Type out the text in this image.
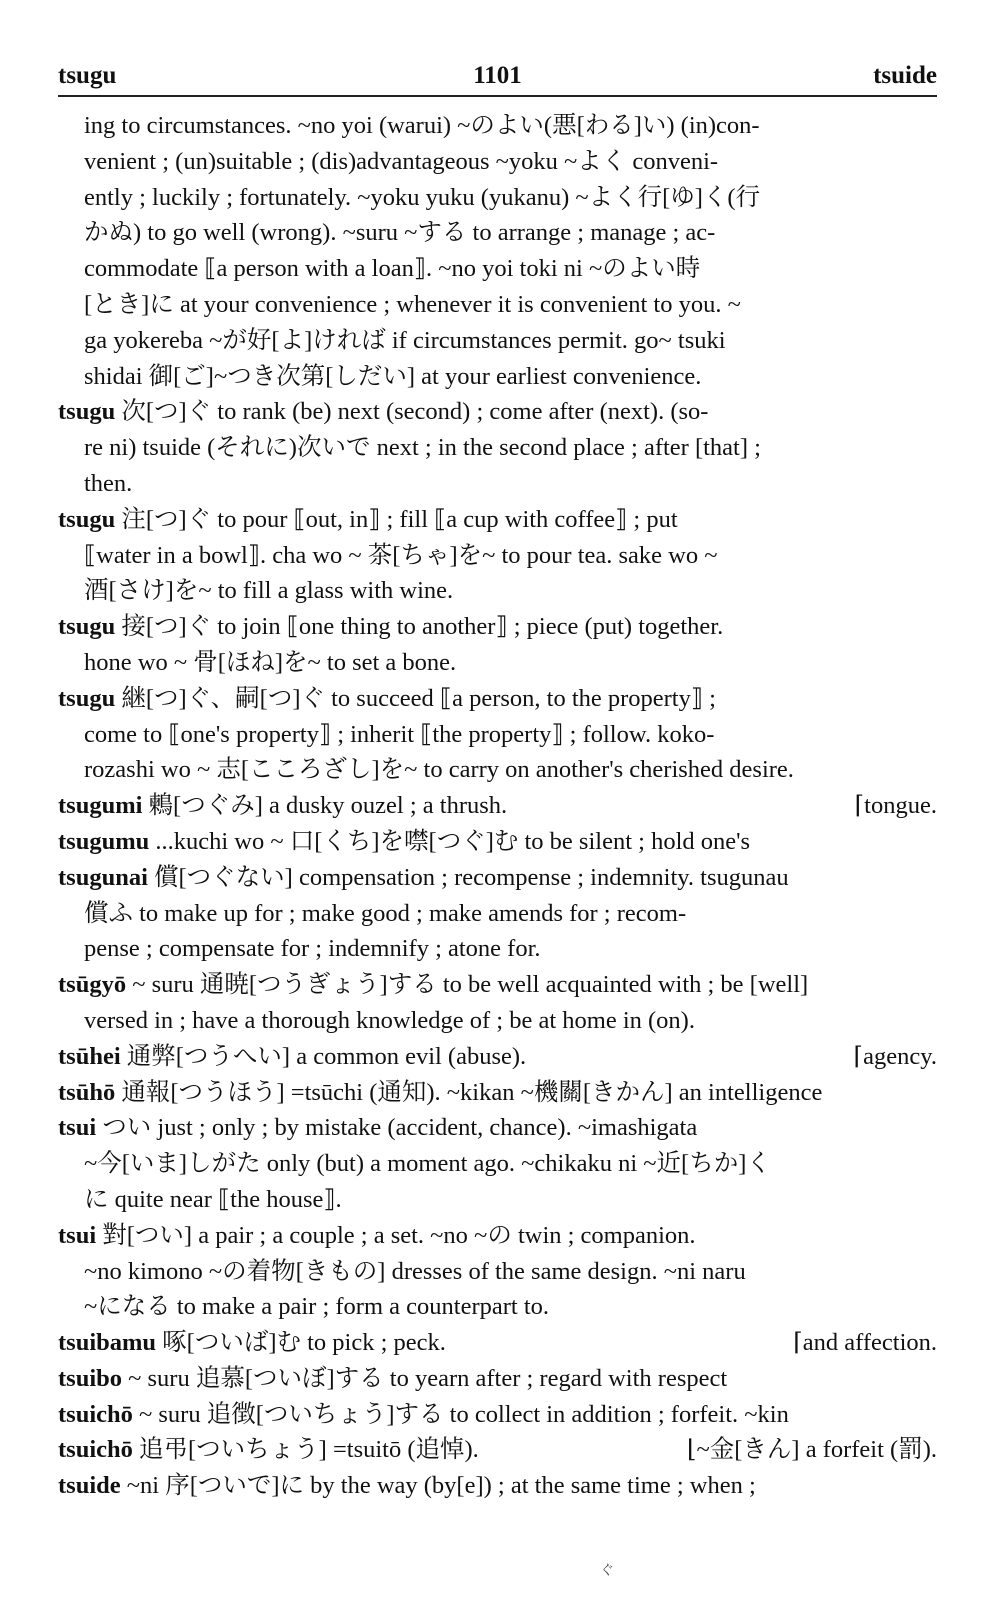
tsugu	1101	tsuide
ing to circumstances. ~no yoi (warui) ~のよい(悪[わる]い) (in)con-
venient ; (un)suitable ; (dis)advantageous ~yoku ~よく conveni-
ently ; luckily ; fortunately. ~yoku yuku (yukanu) ~よく行[ゆ]く(行
かぬ) to go well (wrong). ~suru ~する to arrange ; manage ; ac-
commodate ⟦a person with a loan⟧. ~no yoi toki ni ~のよい時
[とき]に at your convenience ; whenever it is convenient to you. ~
ga yokereba ~が好[よ]ければ if circumstances permit. go~ tsuki
shidai 御[ご]~つき次第[しだい] at your earliest convenience.
tsugu 次[つ]ぐ to rank (be) next (second) ; come after (next). (so-
re ni) tsuide (それに)次いで next ; in the second place ; after [that] ;
then.
tsugu 注[つ]ぐ to pour ⟦out, in⟧ ; fill ⟦a cup with coffee⟧ ; put
⟦water in a bowl⟧. cha wo ~ 茶[ちゃ]を~ to pour tea. sake wo ~
酒[さけ]を~ to fill a glass with wine.
tsugu 接[つ]ぐ to join ⟦one thing to another⟧ ; piece (put) together.
hone wo ~ 骨[ほね]を~ to set a bone.
tsugu 継[つ]ぐ、嗣[つ]ぐ to succeed ⟦a person, to the property⟧ ;
come to ⟦one's property⟧ ; inherit ⟦the property⟧ ; follow. koko-
rozashi wo ~ 志[こころざし]を~ to carry on another's cherished desire.
tsugumi 鶫[つぐみ] a dusky ouzel ; a thrush.	⌈tongue.
tsugumu ...kuchi wo ~ 口[くち]を噤[つぐ]む to be silent ; hold one's
tsugunai 償[つぐない] compensation ; recompense ; indemnity. tsugunau
償ふ to make up for ; make good ; make amends for ; recom-
pense ; compensate for ; indemnify ; atone for.
tsūgyō ~ suru 通暁[つうぎょう]する to be well acquainted with ; be [well]
versed in ; have a thorough knowledge of ; be at home in (on).
tsūhei 通弊[つうへい] a common evil (abuse).	⌈agency.
tsūhō 通報[つうほう] =tsūchi (通知). ~kikan ~機關[きかん] an intelligence
tsui つい just ; only ; by mistake (accident, chance). ~imashigata
~今[いま]しがた only (but) a moment ago. ~chikaku ni ~近[ちか]く
に quite near ⟦the house⟧.
tsui 對[つい] a pair ; a couple ; a set. ~no ~の twin ; companion.
~no kimono ~の着物[きもの] dresses of the same design. ~ni naru
~になる to make a pair ; form a counterpart to.
tsuibamu 啄[ついば]む to pick ; peck.	⌈and affection.
tsuibo ~ suru 追慕[ついぼ]する to yearn after ; regard with respect
tsuichō ~ suru 追徴[ついちょう]する to collect in addition ; forfeit. ~kin
tsuichō 追弔[ついちょう] =tsuitō (追悼).	⌊~金[きん] a forfeit (罰).
tsuide ~ni 序[ついで]に by the way (by[e]) ; at the same time ; when ;
ぐ
